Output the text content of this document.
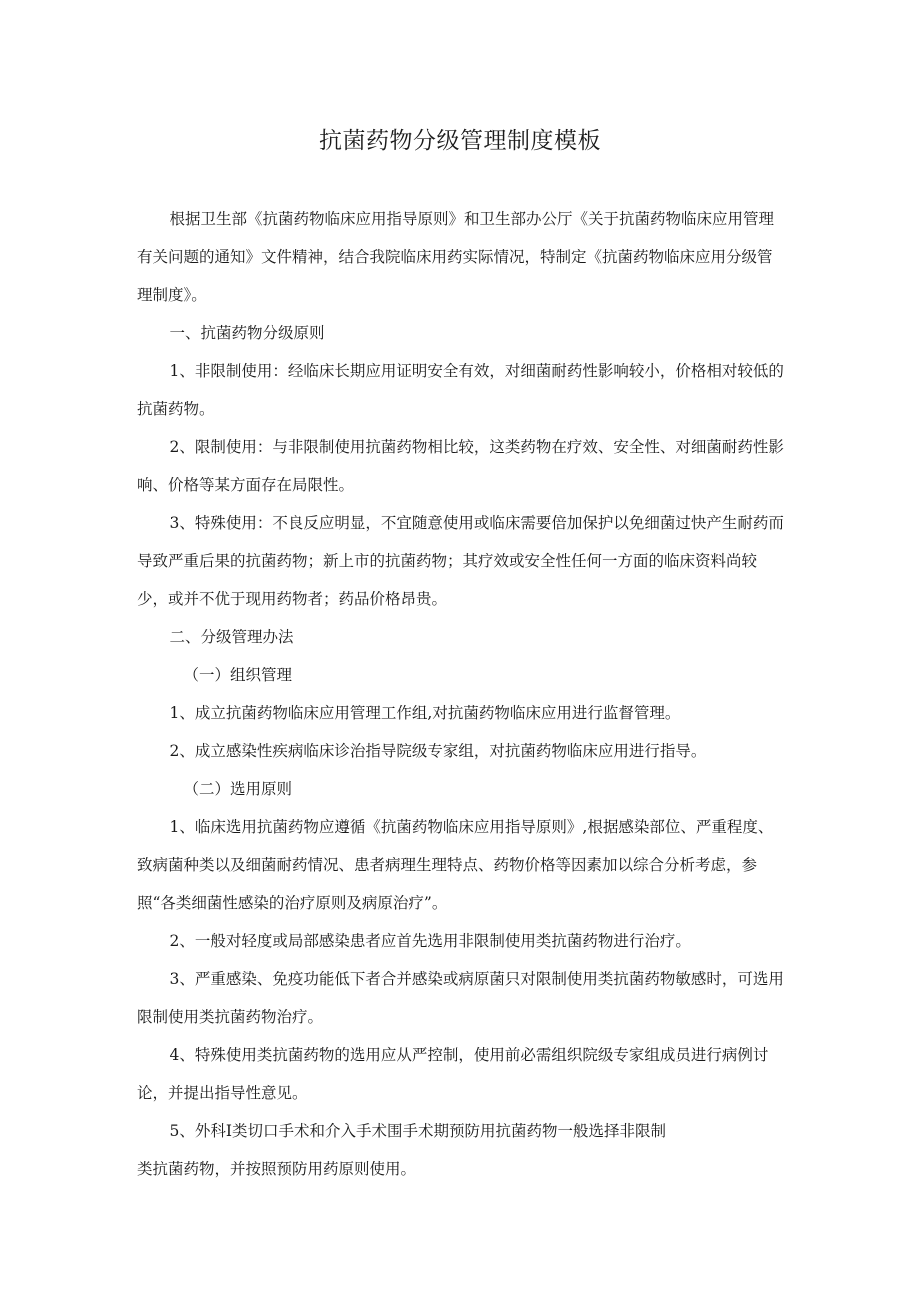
抗菌药物分级管理制度模板

根据卫生部《抗菌药物临床应用指导原则》和卫生部办公厅《关于抗菌药物临床应用管理有关问题的通知》文件精神，结合我院临床用药实际情况，特制定《抗菌药物临床应用分级管理制度》。

一、抗菌药物分级原则

1、非限制使用：经临床长期应用证明安全有效，对细菌耐药性影响较小，价格相对较低的抗菌药物。

2、限制使用：与非限制使用抗菌药物相比较，这类药物在疗效、安全性、对细菌耐药性影响、价格等某方面存在局限性。

3、特殊使用：不良反应明显，不宜随意使用或临床需要倍加保护以免细菌过快产生耐药而导致严重后果的抗菌药物；新上市的抗菌药物；其疗效或安全性任何一方面的临床资料尚较少，或并不优于现用药物者；药品价格昂贵。

二、分级管理办法

（一）组织管理

1、成立抗菌药物临床应用管理工作组,对抗菌药物临床应用进行监督管理。

2、成立感染性疾病临床诊治指导院级专家组，对抗菌药物临床应用进行指导。

（二）选用原则

1、临床选用抗菌药物应遵循《抗菌药物临床应用指导原则》,根据感染部位、严重程度、致病菌种类以及细菌耐药情况、患者病理生理特点、药物价格等因素加以综合分析考虑，参照“各类细菌性感染的治疗原则及病原治疗”。

2、一般对轻度或局部感染患者应首先选用非限制使用类抗菌药物进行治疗。

3、严重感染、免疫功能低下者合并感染或病原菌只对限制使用类抗菌药物敏感时，可选用限制使用类抗菌药物治疗。

4、特殊使用类抗菌药物的选用应从严控制，使用前必需组织院级专家组成员进行病例讨论，并提出指导性意见。

5、外科I类切口手术和介入手术围手术期预防用抗菌药物一般选择非限制

类抗菌药物，并按照预防用药原则使用。
